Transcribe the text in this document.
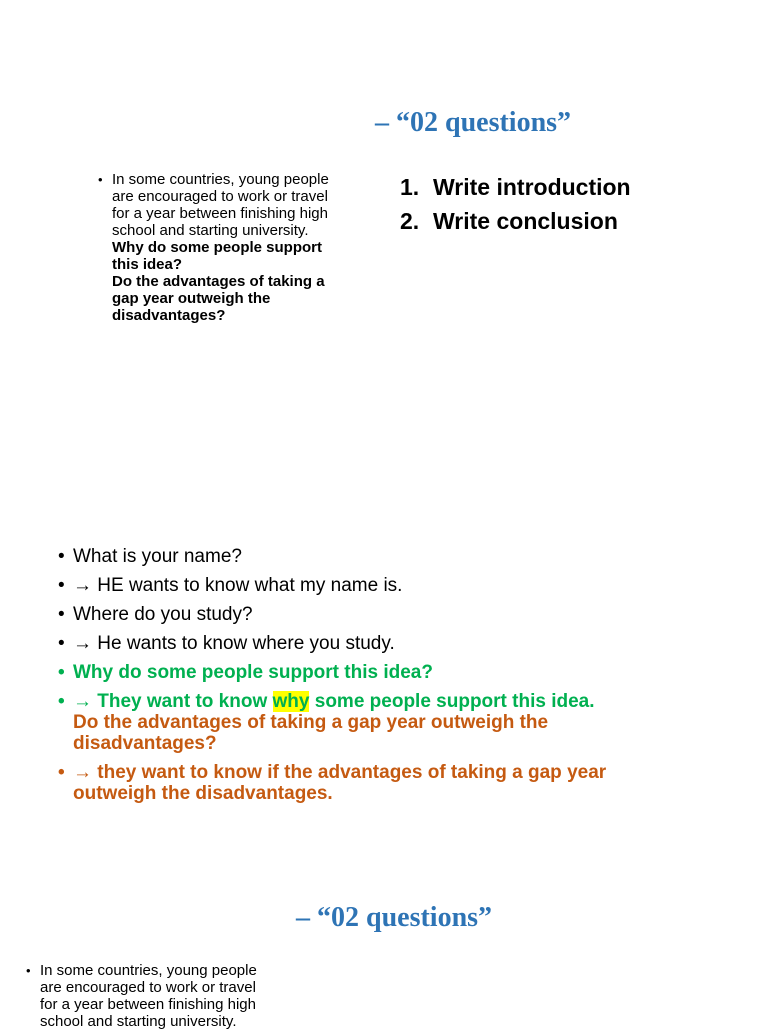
– “02 questions”
• In some countries, young people
are encouraged to work or travel
for a year between finishing high
school and starting university.
Why do some people support
this idea?
Do the advantages of taking a
gap year outweigh the
disadvantages?
1. Write introduction
2. Write conclusion
• What is your name?
• → HE wants to know what my name is.
• Where do you study?
• → He wants to know where you study.
• Why do some people support this idea?
• → They want to know why some people support this idea.
Do the advantages of taking a gap year outweigh the
disadvantages?
• → they want to know if the advantages of taking a gap year
outweigh the disadvantages.
– “02 questions”
• In some countries, young people
are encouraged to work or travel
for a year between finishing high
school and starting university.
